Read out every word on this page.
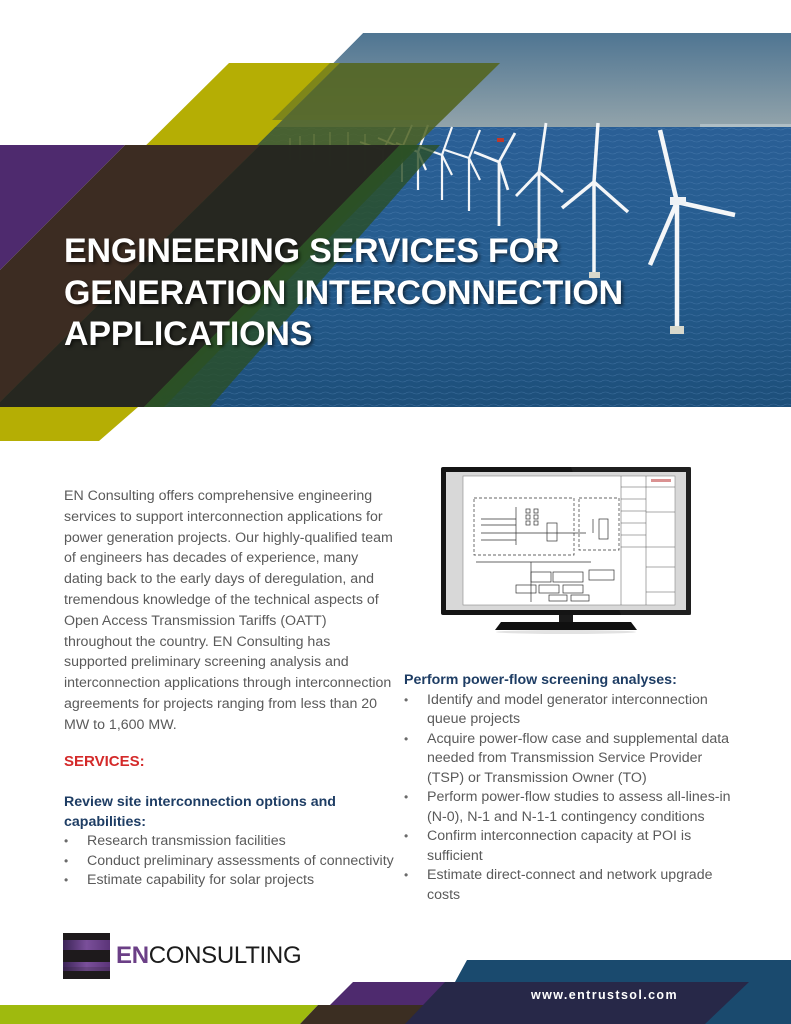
ENGINEERING SERVICES FOR
GENERATION INTERCONNECTION
APPLICATIONS

EN Consulting offers comprehensive engineering services to support interconnection applications for power generation projects. Our highly-qualified team of engineers has decades of experience, many dating back to the early days of deregulation, and tremendous knowledge of the technical aspects of Open Access Transmission Tariffs (OATT) throughout the country. EN Consulting has supported preliminary screening analysis and interconnection applications through interconnection agreements for projects ranging from less than 20 MW to 1,600 MW.

SERVICES:
Review site interconnection options and capabilities:
• Research transmission facilities
• Conduct preliminary assessments of connectivity
• Estimate capability for solar projects
Perform power-flow screening analyses:
• Identify and model generator interconnection queue projects
• Acquire power-flow case and supplemental data needed from Transmission Service Provider (TSP) or Transmission Owner (TO)
• Perform power-flow studies to assess all-lines-in (N-0), N-1 and N-1-1 contingency conditions
• Confirm interconnection capacity at POI is sufficient
• Estimate direct-connect and network upgrade costs
EN CONSULTING
www.entrustsol.com
